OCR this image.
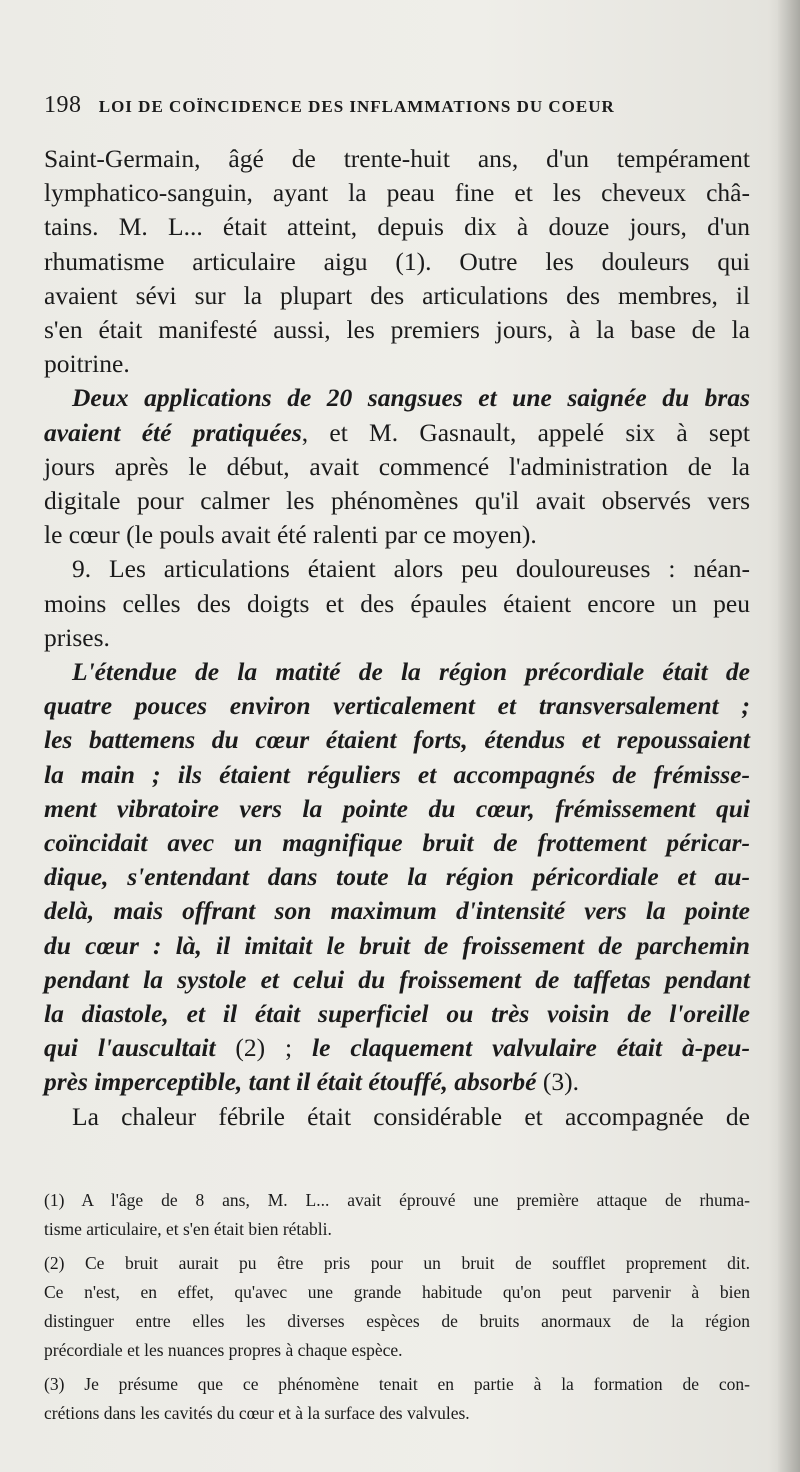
198 LOI DE COÏNCIDENCE DES INFLAMMATIONS DU COEUR
Saint-Germain, âgé de trente-huit ans, d'un tempérament
lymphatico-sanguin, ayant la peau fine et les cheveux châ-
tains. M. L... était atteint, depuis dix à douze jours, d'un
rhumatisme articulaire aigu (1). Outre les douleurs qui
avaient sévi sur la plupart des articulations des membres, il
s'en était manifesté aussi, les premiers jours, à la base de la
poitrine.
Deux applications de 20 sangsues et une saignée du bras
avaient été pratiquées, et M. Gasnault, appelé six à sept
jours après le début, avait commencé l'administration de la
digitale pour calmer les phénomènes qu'il avait observés vers
le cœur (le pouls avait été ralenti par ce moyen).
9. Les articulations étaient alors peu douloureuses : néan-
moins celles des doigts et des épaules étaient encore un peu
prises.
L'étendue de la matité de la région précordiale était de
quatre pouces environ verticalement et transversalement ;
les battemens du cœur étaient forts, étendus et repoussaient
la main ; ils étaient réguliers et accompagnés de frémisse-
ment vibratoire vers la pointe du cœur, frémissement qui
coïncidait avec un magnifique bruit de frottement péricar-
dique, s'entendant dans toute la région péricordiale et au-
delà, mais offrant son maximum d'intensité vers la pointe
du cœur : là, il imitait le bruit de froissement de parchemin
pendant la systole et celui du froissement de taffetas pendant
la diastole, et il était superficiel ou très voisin de l'oreille
qui l'auscultait (2) ; le claquement valvulaire était à-peu-
près imperceptible, tant il était étouffé, absorbé (3).
La chaleur fébrile était considérable et accompagnée de
(1) A l'âge de 8 ans, M. L... avait éprouvé une première attaque de rhuma-
tisme articulaire, et s'en était bien rétabli.
(2) Ce bruit aurait pu être pris pour un bruit de soufflet proprement dit.
Ce n'est, en effet, qu'avec une grande habitude qu'on peut parvenir à bien
distinguer entre elles les diverses espèces de bruits anormaux de la région
précordiale et les nuances propres à chaque espèce.
(3) Je présume que ce phénomène tenait en partie à la formation de con-
crétions dans les cavités du cœur et à la surface des valvules.
